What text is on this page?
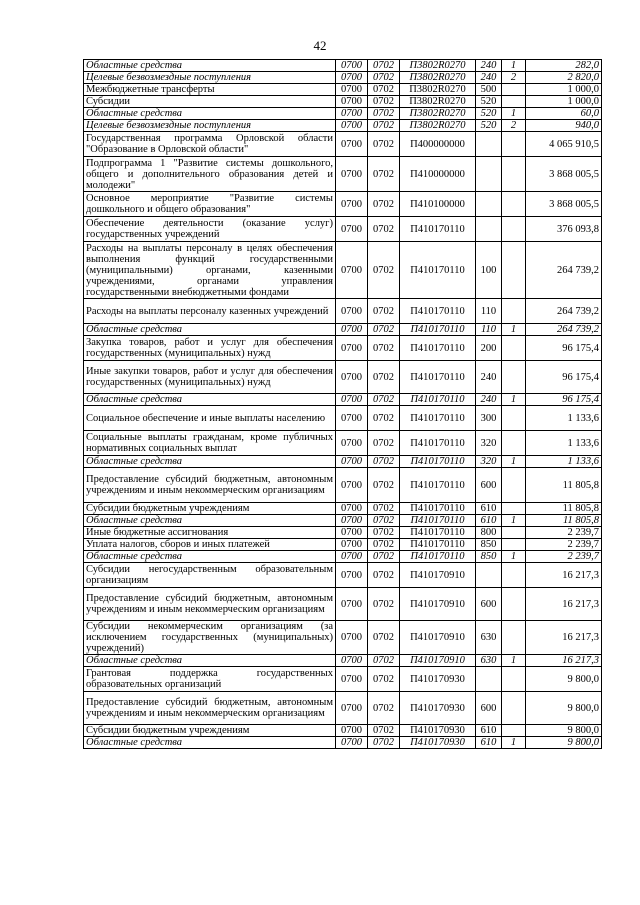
42
Областные средства	0700	0702	П3802R0270	240	1	282,0
Целевые безвозмездные поступления	0700	0702	П3802R0270	240	2	2 820,0
Межбюджетные трансферты	0700	0702	П3802R0270	500		1 000,0
Субсидии	0700	0702	П3802R0270	520		1 000,0
Областные средства	0700	0702	П3802R0270	520	1	60,0
Целевые безвозмездные поступления	0700	0702	П3802R0270	520	2	940,0
Государственная программа Орловской области "Образование в Орловской области"	0700	0702	П400000000			4 065 910,5
Подпрограмма 1 "Развитие системы дошкольного, общего и дополнительного образования детей и молодежи"	0700	0702	П410000000			3 868 005,5
Основное мероприятие "Развитие системы дошкольного и общего образования"	0700	0702	П410100000			3 868 005,5
Обеспечение деятельности (оказание услуг) государственных учреждений	0700	0702	П410170110			376 093,8
Расходы на выплаты персоналу в целях обеспечения выполнения функций государственными (муниципальными) органами, казенными учреждениями, органами управления государственными внебюджетными фондами	0700	0702	П410170110	100		264 739,2
Расходы на выплаты персоналу казенных учреждений	0700	0702	П410170110	110		264 739,2
Областные средства	0700	0702	П410170110	110	1	264 739,2
Закупка товаров, работ и услуг для обеспечения государственных (муниципальных) нужд	0700	0702	П410170110	200		96 175,4
Иные закупки товаров, работ и услуг для обеспечения государственных (муниципальных) нужд	0700	0702	П410170110	240		96 175,4
Областные средства	0700	0702	П410170110	240	1	96 175,4
Социальное обеспечение и иные выплаты населению	0700	0702	П410170110	300		1 133,6
Социальные выплаты гражданам, кроме публичных нормативных социальных выплат	0700	0702	П410170110	320		1 133,6
Областные средства	0700	0702	П410170110	320	1	1 133,6
Предоставление субсидий бюджетным, автономным учреждениям и иным некоммерческим организациям	0700	0702	П410170110	600		11 805,8
Субсидии бюджетным учреждениям	0700	0702	П410170110	610		11 805,8
Областные средства	0700	0702	П410170110	610	1	11 805,8
Иные бюджетные ассигнования	0700	0702	П410170110	800		2 239,7
Уплата налогов, сборов и иных платежей	0700	0702	П410170110	850		2 239,7
Областные средства	0700	0702	П410170110	850	1	2 239,7
Субсидии негосударственным образовательным организациям	0700	0702	П410170910			16 217,3
Предоставление субсидий бюджетным, автономным учреждениям и иным некоммерческим организациям	0700	0702	П410170910	600		16 217,3
Субсидии некоммерческим организациям (за исключением государственных (муниципальных) учреждений)	0700	0702	П410170910	630		16 217,3
Областные средства	0700	0702	П410170910	630	1	16 217,3
Грантовая поддержка государственных образовательных организаций	0700	0702	П410170930			9 800,0
Предоставление субсидий бюджетным, автономным учреждениям и иным некоммерческим организациям	0700	0702	П410170930	600		9 800,0
Субсидии бюджетным учреждениям	0700	0702	П410170930	610		9 800,0
Областные средства	0700	0702	П410170930	610	1	9 800,0
